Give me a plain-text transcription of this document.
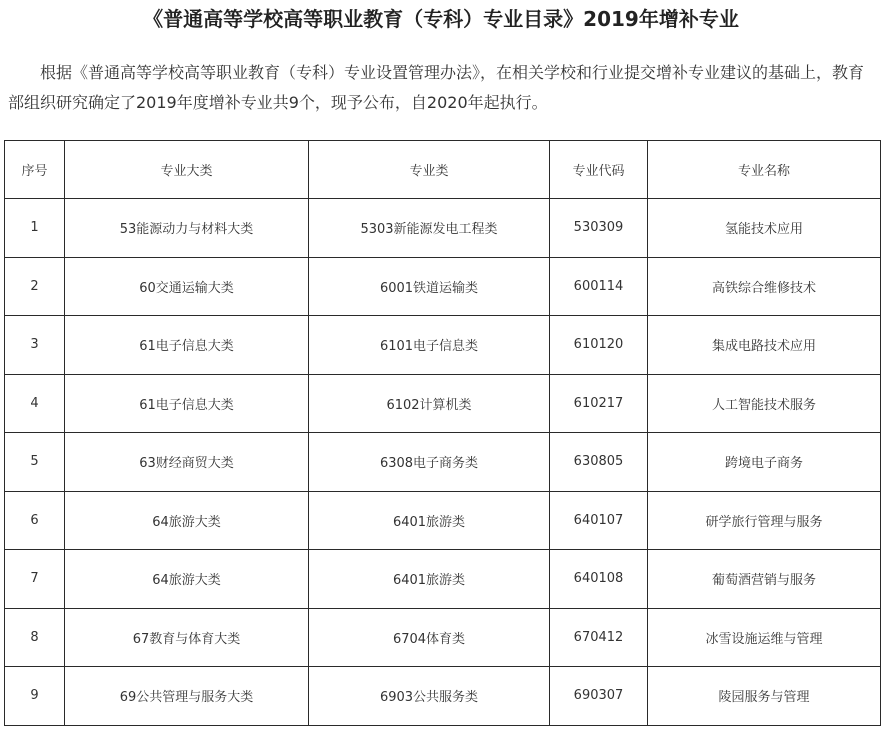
《普通高等学校高等职业教育（专科）专业目录》2019年增补专业

根据《普通高等学校高等职业教育（专科）专业设置管理办法》，在相关学校和行业提交增补专业建议的基础上，教育部组织研究确定了2019年度增补专业共9个，现予公布，自2020年起执行。

序号	专业大类	专业类	专业代码	专业名称
1	53能源动力与材料大类	5303新能源发电工程类	530309	氢能技术应用
2	60交通运输大类	6001铁道运输类	600114	高铁综合维修技术
3	61电子信息大类	6101电子信息类	610120	集成电路技术应用
4	61电子信息大类	6102计算机类	610217	人工智能技术服务
5	63财经商贸大类	6308电子商务类	630805	跨境电子商务
6	64旅游大类	6401旅游类	640107	研学旅行管理与服务
7	64旅游大类	6401旅游类	640108	葡萄酒营销与服务
8	67教育与体育大类	6704体育类	670412	冰雪设施运维与管理
9	69公共管理与服务大类	6903公共服务类	690307	陵园服务与管理
